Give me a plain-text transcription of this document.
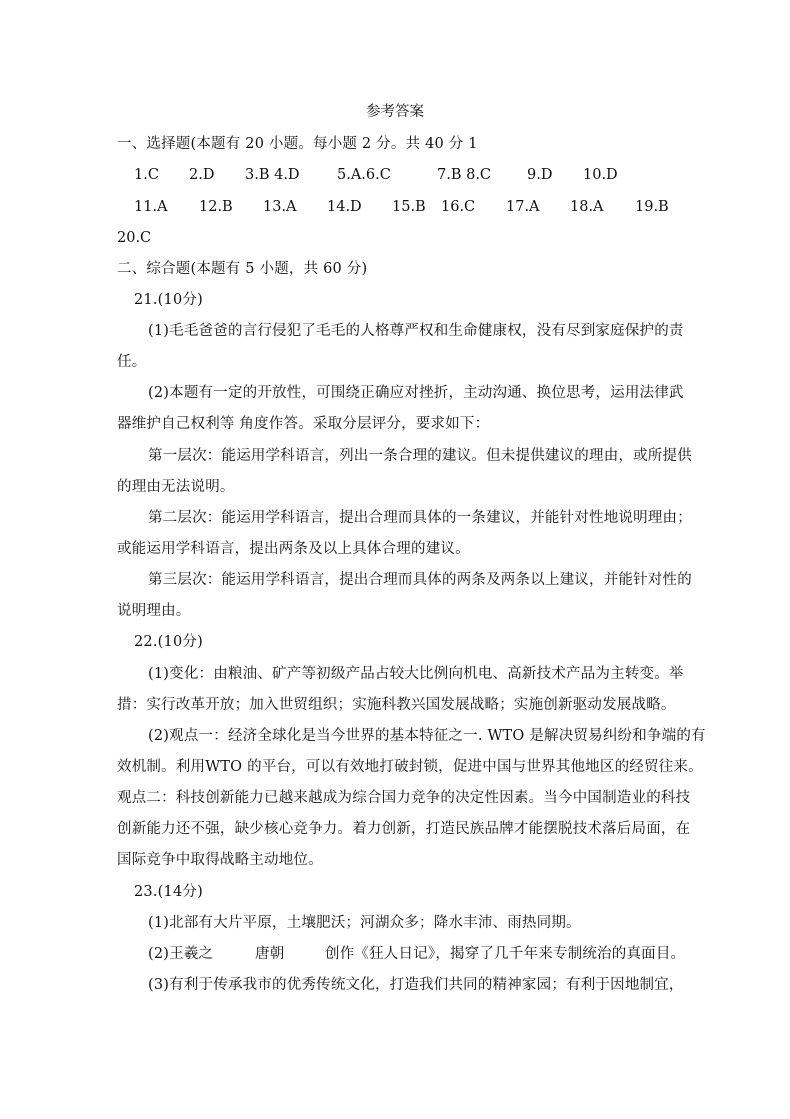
参考答案
一、选择题(本题有 20 小题。每小题 2 分。共 40 分 1
1.C 2.D 3.B 4.D	5.A.6.C	7.B 8.C 9.D 10.D
11.A 12.B 13.A 14.D 15.B 16.C 17.A 18.A 19.B
20.C
二、综合题(本题有 5 小题，共 60 分)
21.(10分)
(1)毛毛爸爸的言行侵犯了毛毛的人格尊严权和生命健康权，没有尽到家庭保护的责
任。
(2)本题有一定的开放性，可围绕正确应对挫折，主动沟通、换位思考，运用法律武
器维护自己权利等 角度作答。采取分层评分，要求如下：
第一层次：能运用学科语言，列出一条合理的建议。但未提供建议的理由，或所提供
的理由无法说明。
第二层次：能运用学科语言，提出合理而具体的一条建议，并能针对性地说明理由；
或能运用学科语言，提出两条及以上具体合理的建议。
第三层次：能运用学科语言，提出合理而具体的两条及两条以上建议，并能针对性的
说明理由。
22.(10分)
(1)变化：由粮油、矿产等初级产品占较大比例向机电、高新技术产品为主转变。举
措：实行改革开放；加入世贸组织；实施科教兴国发展战略；实施创新驱动发展战略。
(2)观点一：经济全球化是当今世界的基本特征之一. WTO 是解决贸易纠纷和争端的有
效机制。利用WTO 的平台，可以有效地打破封锁，促进中国与世界其他地区的经贸往来。
观点二：科技创新能力已越来越成为综合国力竞争的决定性因素。当今中国制造业的科技
创新能力还不强，缺少核心竞争力。着力创新，打造民族品牌才能摆脱技术落后局面，在
国际竞争中取得战略主动地位。
23.(14分)
(1)北部有大片平原，土壤肥沃；河湖众多；降水丰沛、雨热同期。
(2)王羲之	唐朝	创作《狂人日记》，揭穿了几千年来专制统治的真面目。
(3)有利于传承我市的优秀传统文化，打造我们共同的精神家园；有利于因地制宜，
